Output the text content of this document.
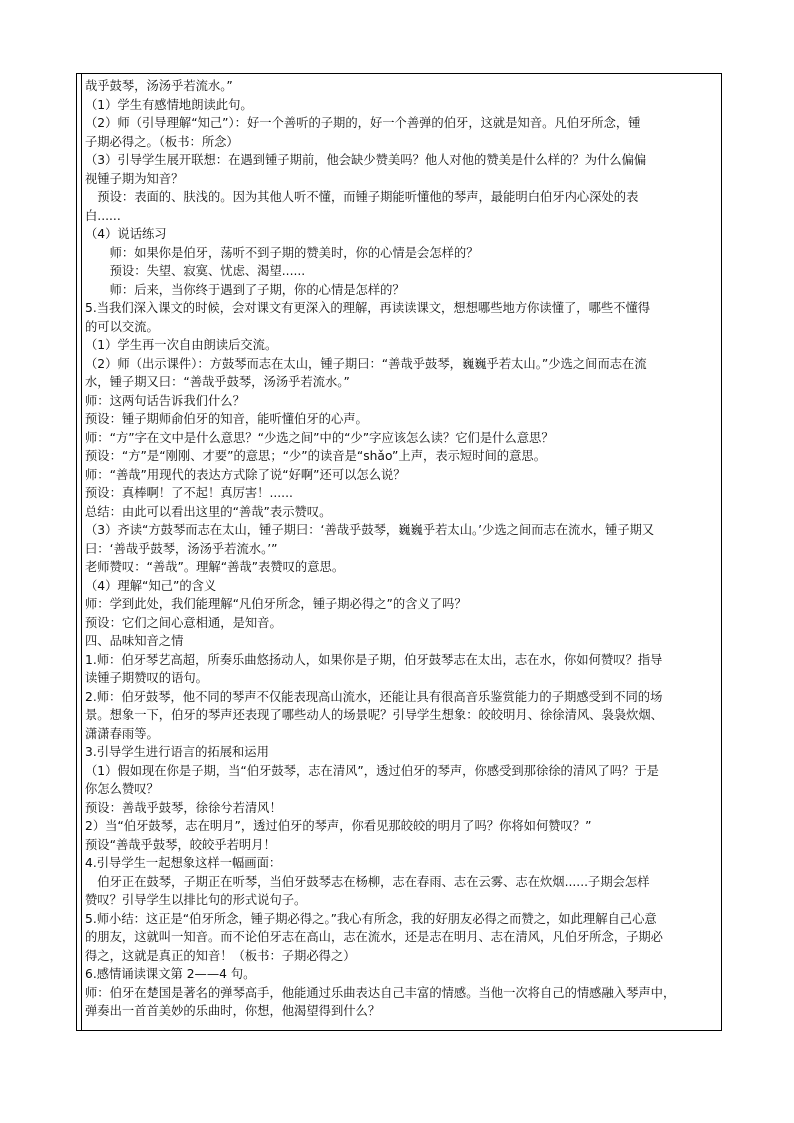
哉乎鼓琴，汤汤乎若流水。”
（1）学生有感情地朗读此句。
（2）师（引导理解“知己”）：好一个善听的子期的，好一个善弹的伯牙，这就是知音。凡伯牙所念，锺
子期必得之。（板书：所念）
（3）引导学生展开联想：在遇到锺子期前，他会缺少赞美吗？他人对他的赞美是什么样的？为什么偏偏
视锺子期为知音？
　预设：表面的、肤浅的。因为其他人听不懂，而锺子期能听懂他的琴声，最能明白伯牙内心深处的表
白......
（4）说话练习
　　师：如果你是伯牙，荡听不到子期的赞美时，你的心情是会怎样的？
　　预设：失望、寂寞、忧虑、渴望......
　　师：后来，当你终于遇到了子期，你的心情是怎样的？
5.当我们深入课文的时候，会对课文有更深入的理解，再读读课文，想想哪些地方你读懂了，哪些不懂得
的可以交流。
（1）学生再一次自由朗读后交流。
（2）师（出示课件）：方鼓琴而志在太山，锺子期曰：“善哉乎鼓琴，巍巍乎若太山。”少选之间而志在流
水，锺子期又曰：“善哉乎鼓琴，汤汤乎若流水。”
师：这两句话告诉我们什么？
预设：锺子期师俞伯牙的知音，能听懂伯牙的心声。
师：“方”字在文中是什么意思？“少选之间”中的“少”字应该怎么读？它们是什么意思？
预设：“方”是“刚刚、才要”的意思；“少”的读音是“shǎo”上声，表示短时间的意思。
师：“善哉”用现代的表达方式除了说“好啊”还可以怎么说？
预设：真棒啊！了不起！真厉害！......
总结：由此可以看出这里的“善哉”表示赞叹。
（3）齐读“方鼓琴而志在太山，锺子期曰：‘善哉乎鼓琴，巍巍乎若太山。’少选之间而志在流水，锺子期又
曰：‘善哉乎鼓琴，汤汤乎若流水。’”
老师赞叹：“善哉”。理解“善哉”表赞叹的意思。
（4）理解“知己”的含义
师：学到此处，我们能理解“凡伯牙所念，锺子期必得之”的含义了吗？
预设：它们之间心意相通，是知音。
四、品味知音之情
1.师：伯牙琴艺高超，所奏乐曲悠扬动人，如果你是子期，伯牙鼓琴志在太出，志在水，你如何赞叹？指导
读锺子期赞叹的语句。
2.师：伯牙鼓琴，他不同的琴声不仅能表现高山流水，还能让具有很高音乐鉴赏能力的子期感受到不同的场
景。想象一下，伯牙的琴声还表现了哪些动人的场景呢？引导学生想象：皎皎明月、徐徐清风、袅袅炊烟、
潇潇春雨等。
3.引导学生进行语言的拓展和运用
（1）假如现在你是子期，当“伯牙鼓琴，志在清风”，透过伯牙的琴声，你感受到那徐徐的清风了吗？于是
你怎么赞叹？
预设：善哉乎鼓琴，徐徐兮若清风！
2）当“伯牙鼓琴，志在明月”，透过伯牙的琴声，你看见那皎皎的明月了吗？你将如何赞叹？”
预设“善哉乎鼓琴，皎皎乎若明月！
4.引导学生一起想象这样一幅画面：
　伯牙正在鼓琴，子期正在听琴，当伯牙鼓琴志在杨柳，志在春雨、志在云雾、志在炊烟......子期会怎样
赞叹？引导学生以排比句的形式说句子。
5.师小结：这正是“伯牙所念，锺子期必得之。”我心有所念，我的好朋友必得之而赞之，如此理解自己心意
的朋友，这就叫一知音。而不论伯牙志在高山，志在流水，还是志在明月、志在清风，凡伯牙所念，子期必
得之，这就是真正的知音！（板书：子期必得之）
6.感情诵读课文第 2——4 句。
师：伯牙在楚国是著名的弹琴高手，他能通过乐曲表达自己丰富的情感。当他一次将自己的情感融入琴声中，
弹奏出一首首美妙的乐曲时，你想，他渴望得到什么？
